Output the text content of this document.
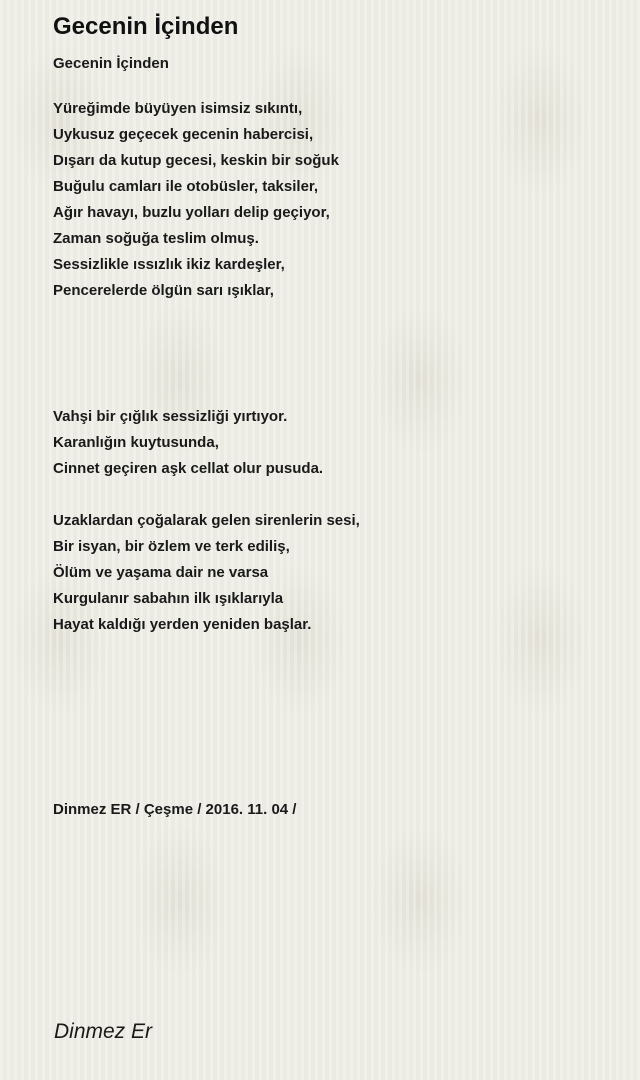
Gecenin İçinden
Gecenin İçinden
Yüreğimde büyüyen isimsiz sıkıntı,
Uykusuz geçecek gecenin habercisi,
Dışarı da kutup gecesi, keskin bir soğuk
Buğulu camları ile otobüsler, taksiler,
Ağır havayı, buzlu yolları delip geçiyor,
Zaman soğuğa teslim olmuş.
Sessizlikle ıssızlık ikiz kardeşler,
Pencerelerde ölgün sarı ışıklar,
Vahşi bir çığlık sessizliği yırtıyor.
Karanlığın kuytusunda,
Cinnet geçiren aşk cellat olur pusuda.
Uzaklardan çoğalarak gelen sirenlerin sesi,
Bir isyan, bir özlem ve terk ediliş,
Ölüm ve yaşama dair ne varsa
Kurgulanır sabahın ilk ışıklarıyla
Hayat kaldığı yerden yeniden başlar.
Dinmez ER / Çeşme / 2016. 11. 04 /
Dinmez Er
